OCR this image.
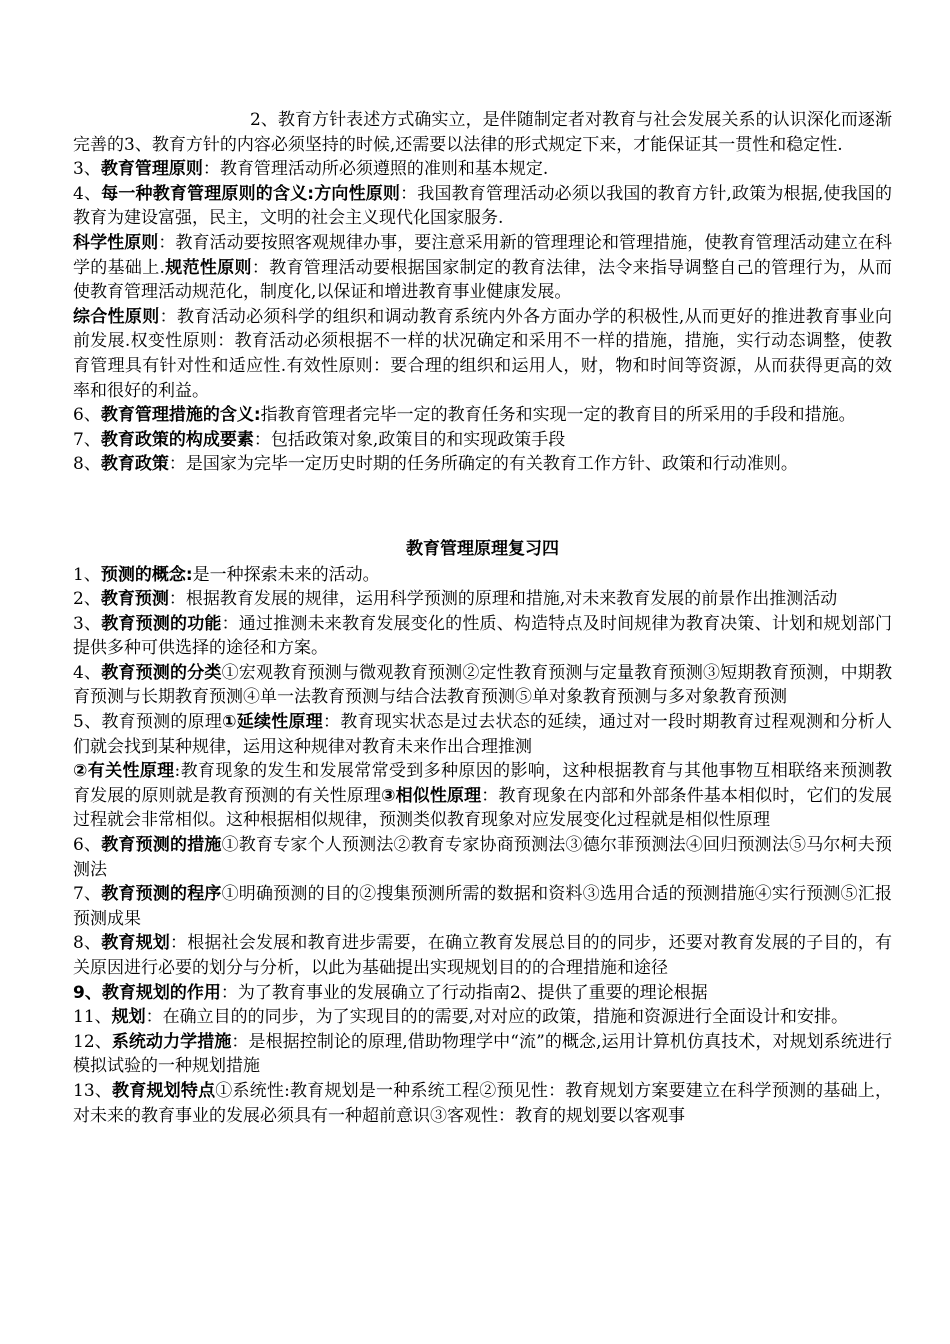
2、教育方针表述方式确实立，是伴随制定者对教育与社会发展关系的认识深化而逐渐完善的3、教育方针的内容必须坚持的时候,还需要以法律的形式规定下来，才能保证其一贯性和稳定性.

3、教育管理原则：教育管理活动所必须遵照的准则和基本规定.

4、每一种教育管理原则的含义:方向性原则：我国教育管理活动必须以我国的教育方针,政策为根据,使我国的教育为建设富强，民主，文明的社会主义现代化国家服务.

科学性原则：教育活动要按照客观规律办事，要注意采用新的管理理论和管理措施，使教育管理活动建立在科学的基础上.规范性原则：教育管理活动要根据国家制定的教育法律，法令来指导调整自己的管理行为，从而使教育管理活动规范化，制度化,以保证和增进教育事业健康发展。

综合性原则：教育活动必须科学的组织和调动教育系统内外各方面办学的积极性,从而更好的推进教育事业向前发展.权变性原则：教育活动必须根据不一样的状况确定和采用不一样的措施，措施，实行动态调整，使教育管理具有针对性和适应性.有效性原则：要合理的组织和运用人，财，物和时间等资源，从而获得更高的效率和很好的利益。

6、教育管理措施的含义:指教育管理者完毕一定的教育任务和实现一定的教育目的所采用的手段和措施。

7、教育政策的构成要素：包括政策对象,政策目的和实现政策手段

8、教育政策：是国家为完毕一定历史时期的任务所确定的有关教育工作方针、政策和行动准则。

教育管理原理复习四

1、预测的概念:是一种探索未来的活动。

2、教育预测：根据教育发展的规律，运用科学预测的原理和措施,对未来教育发展的前景作出推测活动

3、教育预测的功能：通过推测未来教育发展变化的性质、构造特点及时间规律为教育决策、计划和规划部门提供多种可供选择的途径和方案。

4、教育预测的分类①宏观教育预测与微观教育预测②定性教育预测与定量教育预测③短期教育预测，中期教育预测与长期教育预测④单一法教育预测与结合法教育预测⑤单对象教育预测与多对象教育预测

5、教育预测的原理①延续性原理：教育现实状态是过去状态的延续，通过对一段时期教育过程观测和分析人们就会找到某种规律，运用这种规律对教育未来作出合理推测

②有关性原理:教育现象的发生和发展常常受到多种原因的影响，这种根据教育与其他事物互相联络来预测教育发展的原则就是教育预测的有关性原理③相似性原理：教育现象在内部和外部条件基本相似时，它们的发展过程就会非常相似。这种根据相似规律，预测类似教育现象对应发展变化过程就是相似性原理

6、教育预测的措施①教育专家个人预测法②教育专家协商预测法③德尔菲预测法④回归预测法⑤马尔柯夫预测法

7、教育预测的程序①明确预测的目的②搜集预测所需的数据和资料③选用合适的预测措施④实行预测⑤汇报预测成果

8、教育规划：根据社会发展和教育进步需要，在确立教育发展总目的的同步，还要对教育发展的子目的，有关原因进行必要的划分与分析，以此为基础提出实现规划目的的合理措施和途径

9、教育规划的作用：为了教育事业的发展确立了行动指南2、提供了重要的理论根据

11、规划：在确立目的的同步，为了实现目的的需要,对对应的政策，措施和资源进行全面设计和安排。

12、系统动力学措施：是根据控制论的原理,借助物理学中“流”的概念,运用计算机仿真技术，对规划系统进行模拟试验的一种规划措施

13、教育规划特点①系统性:教育规划是一种系统工程②预见性：教育规划方案要建立在科学预测的基础上，对未来的教育事业的发展必须具有一种超前意识③客观性：教育的规划要以客观事
